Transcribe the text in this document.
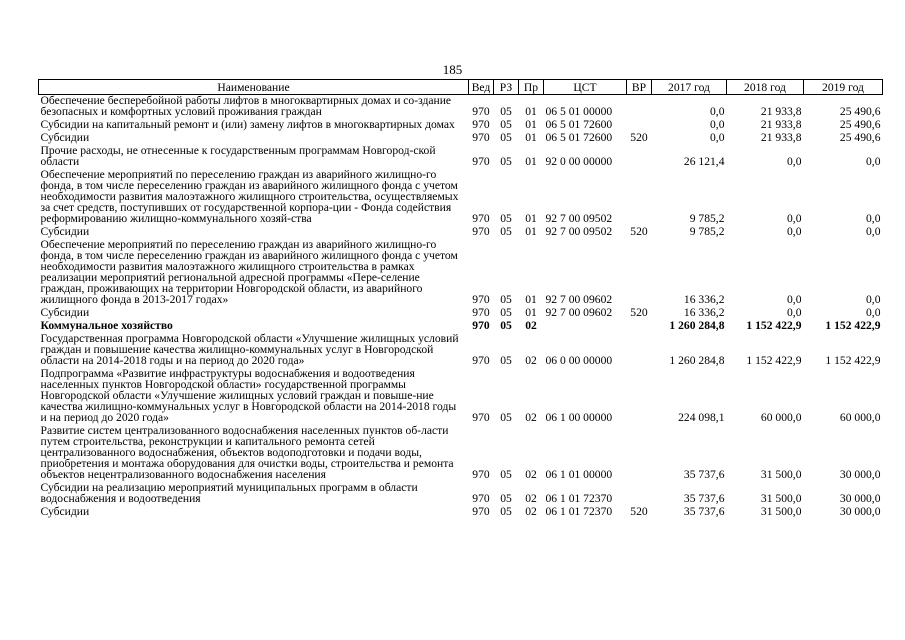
185
Наименование	Вед	РЗ	Пр	ЦСТ	ВР	2017 год	2018 год	2019 год
Обеспечение бесперебойной работы лифтов в многоквартирных домах и со-здание безопасных и комфортных условий проживания граждан	970	05	01	06 5 01 00000		0,0	21 933,8	25 490,6
Субсидии на капитальный ремонт и (или) замену лифтов в многоквартирных домах	970	05	01	06 5 01 72600		0,0	21 933,8	25 490,6
Субсидии	970	05	01	06 5 01 72600	520	0,0	21 933,8	25 490,6
Прочие расходы, не отнесенные к государственным программам Новгород-ской области	970	05	01	92 0 00 00000		26 121,4	0,0	0,0
Обеспечение мероприятий по переселению граждан из аварийного жилищно-го фонда, в том числе переселению граждан из аварийного жилищного фонда с учетом необходимости развития малоэтажного жилищного строительства, осуществляемых за счет средств, поступивших от государственной корпора-ции - Фонда содействия реформированию жилищно-коммунального хозяй-ства	970	05	01	92 7 00 09502		9 785,2	0,0	0,0
Субсидии	970	05	01	92 7 00 09502	520	9 785,2	0,0	0,0
Обеспечение мероприятий по переселению граждан из аварийного жилищно-го фонда, в том числе переселению граждан из аварийного жилищного фонда с учетом необходимости развития малоэтажного жилищного строительства в рамках реализации мероприятий региональной адресной программы «Пере-селение граждан, проживающих на территории Новгородской области, из аварийного жилищного фонда в 2013-2017 годах»	970	05	01	92 7 00 09602		16 336,2	0,0	0,0
Субсидии	970	05	01	92 7 00 09602	520	16 336,2	0,0	0,0
Коммунальное хозяйство	970	05	02			1 260 284,8	1 152 422,9	1 152 422,9
Государственная программа Новгородской области «Улучшение жилищных условий граждан и повышение качества жилищно-коммунальных услуг в Новгородской области на 2014-2018 годы и на период до 2020 года»	970	05	02	06 0 00 00000		1 260 284,8	1 152 422,9	1 152 422,9
Подпрограмма «Развитие инфраструктуры водоснабжения и водоотведения населенных пунктов Новгородской области» государственной программы Новгородской области «Улучшение жилищных условий граждан и повыше-ние качества жилищно-коммунальных услуг в Новгородской области на 2014-2018 годы и на период до 2020 года»	970	05	02	06 1 00 00000		224 098,1	60 000,0	60 000,0
Развитие систем централизованного водоснабжения населенных пунктов об-ласти путем строительства, реконструкции и капитального ремонта сетей централизованного водоснабжения, объектов водоподготовки и подачи воды, приобретения и монтажа оборудования для очистки воды, строительства и ремонта объектов нецентрализованного водоснабжения населения	970	05	02	06 1 01 00000		35 737,6	31 500,0	30 000,0
Субсидии на реализацию мероприятий муниципальных программ в области водоснабжения и водоотведения	970	05	02	06 1 01 72370		35 737,6	31 500,0	30 000,0
Субсидии	970	05	02	06 1 01 72370	520	35 737,6	31 500,0	30 000,0
